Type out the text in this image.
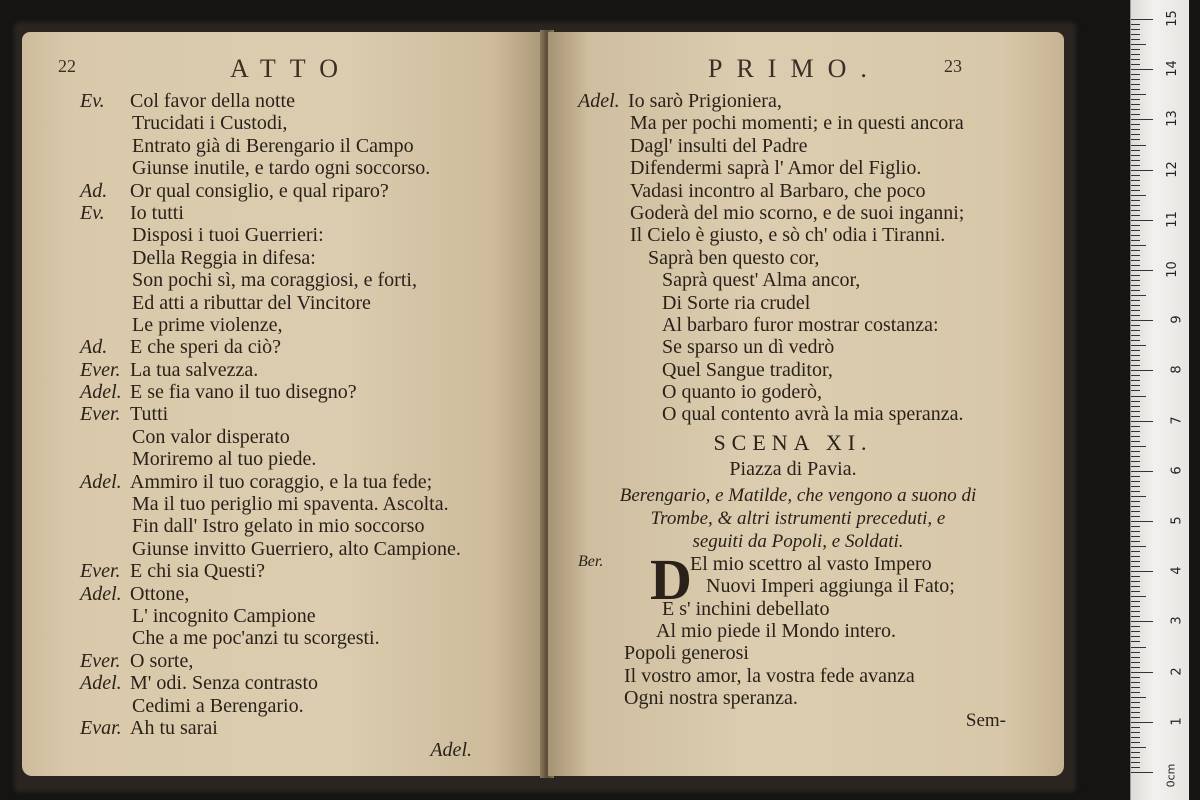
22	ATTO
Ev. Col favor della notte
Trucidati i Custodi,
Entrato già di Berengario il Campo
Giunse inutile, e tardo ogni soccorso.
Ad. Or qual consiglio, e qual riparo?
Ev. Io tutti
Disposi i tuoi Guerrieri:
Della Reggia in difesa:
Son pochi sì, ma coraggiosi, e forti,
Ed atti a ributtar del Vincitore
Le prime violenze,
Ad. E che speri da ciò?
Ever. La tua salvezza.
Adel. E se fia vano il tuo disegno?
Ever. Tutti
Con valor disperato
Moriremo al tuo piede.
Adel. Ammiro il tuo coraggio, e la tua fede;
Ma il tuo periglio mi spaventa. Ascolta.
Fin dall' Istro gelato in mio soccorso
Giunse invitto Guerriero, alto Campione.
Ever. E chi sia Questi?
Adel. Ottone,
L' incognito Campione
Che a me poc'anzi tu scorgesti.
Ever. O sorte,
Adel. M' odi. Senza contrasto
Cedimi a Berengario.
Evar. Ah tu sarai
Adel.
PRIMO.	23
Adel. Io sarò Prigioniera,
Ma per pochi momenti; e in questi ancora
Dagl' insulti del Padre
Difendermi saprà l' Amor del Figlio.
Vadasi incontro al Barbaro, che poco
Goderà del mio scorno, e de suoi inganni;
Il Cielo è giusto, e sò ch' odia i Tiranni.
Saprà ben questo cor,
Saprà quest' Alma ancor,
Di Sorte ria crudel
Al barbaro furor mostrar costanza:
Se sparso un dì vedrò
Quel Sangue traditor,
O quanto io goderò,
O qual contento avrà la mia speranza.
SCENA XI.
Piazza di Pavia.
Berengario, e Matilde, che vengono a suono di
Trombe, & altri istrumenti preceduti, e
seguiti da Popoli, e Soldati.
Ber. D
El mio scettro al vasto Impero
Nuovi Imperi aggiunga il Fato;
E s' inchini debellato
Al mio piede il Mondo intero.
Popoli generosi
Il vostro amor, la vostra fede avanza
Ogni nostra speranza.
Sem-
0cm
1
2
3
4
5
6
7
8
9
10
11
12
13
14
15
